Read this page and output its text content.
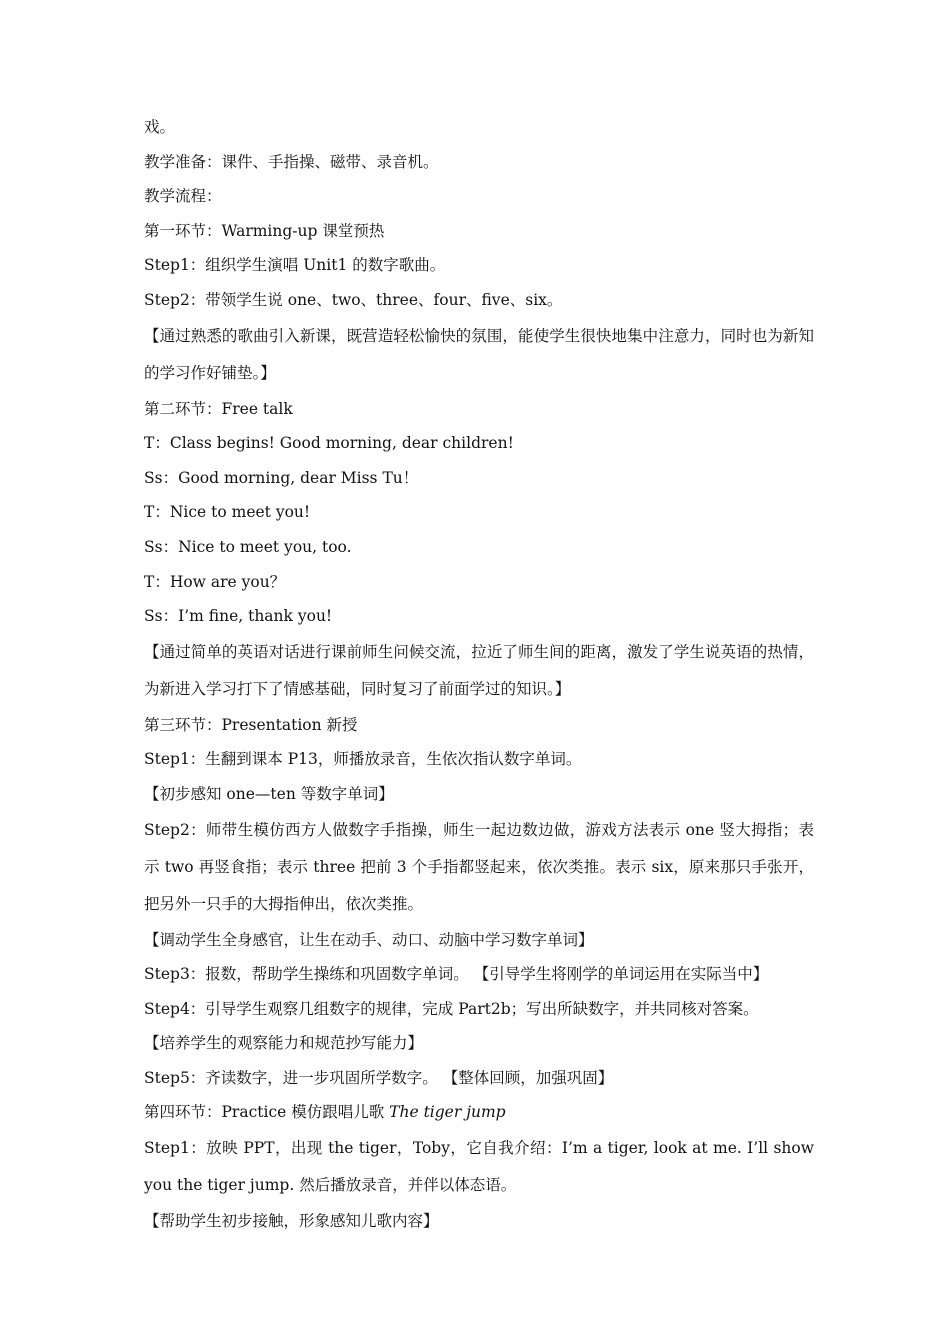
戏。
教学准备：课件、手指操、磁带、录音机。
教学流程：
第一环节：Warming-up 课堂预热
Step1：组织学生演唱 Unit1 的数字歌曲。
Step2：带领学生说 one、two、three、four、five、six。
【通过熟悉的歌曲引入新课，既营造轻松愉快的氛围，能使学生很快地集中注意力，同时也为新知的学习作好铺垫。】
第二环节：Free talk
T：Class begins! Good morning, dear children!
Ss：Good morning, dear Miss Tu！
T：Nice to meet you!
Ss：Nice to meet you, too.
T：How are you？
Ss：I’m fine, thank you!
【通过简单的英语对话进行课前师生问候交流，拉近了师生间的距离，激发了学生说英语的热情，为新进入学习打下了情感基础，同时复习了前面学过的知识。】
第三环节：Presentation 新授
Step1：生翻到课本 P13，师播放录音，生依次指认数字单词。
【初步感知 one—ten 等数字单词】
Step2：师带生模仿西方人做数字手指操，师生一起边数边做，游戏方法表示 one 竖大拇指；表示 two 再竖食指；表示 three 把前 3 个手指都竖起来，依次类推。表示 six，原来那只手张开，把另外一只手的大拇指伸出，依次类推。
【调动学生全身感官，让生在动手、动口、动脑中学习数字单词】
Step3：报数，帮助学生操练和巩固数字单词。 【引导学生将刚学的单词运用在实际当中】
Step4：引导学生观察几组数字的规律，完成 Part2b；写出所缺数字，并共同核对答案。
【培养学生的观察能力和规范抄写能力】
Step5：齐读数字，进一步巩固所学数字。 【整体回顾，加强巩固】
第四环节：Practice 模仿跟唱儿歌 The tiger jump
Step1：放映 PPT，出现 the tiger，Toby，它自我介绍：I’m a tiger, look at me. I’ll show you the tiger jump. 然后播放录音，并伴以体态语。
【帮助学生初步接触，形象感知儿歌内容】
